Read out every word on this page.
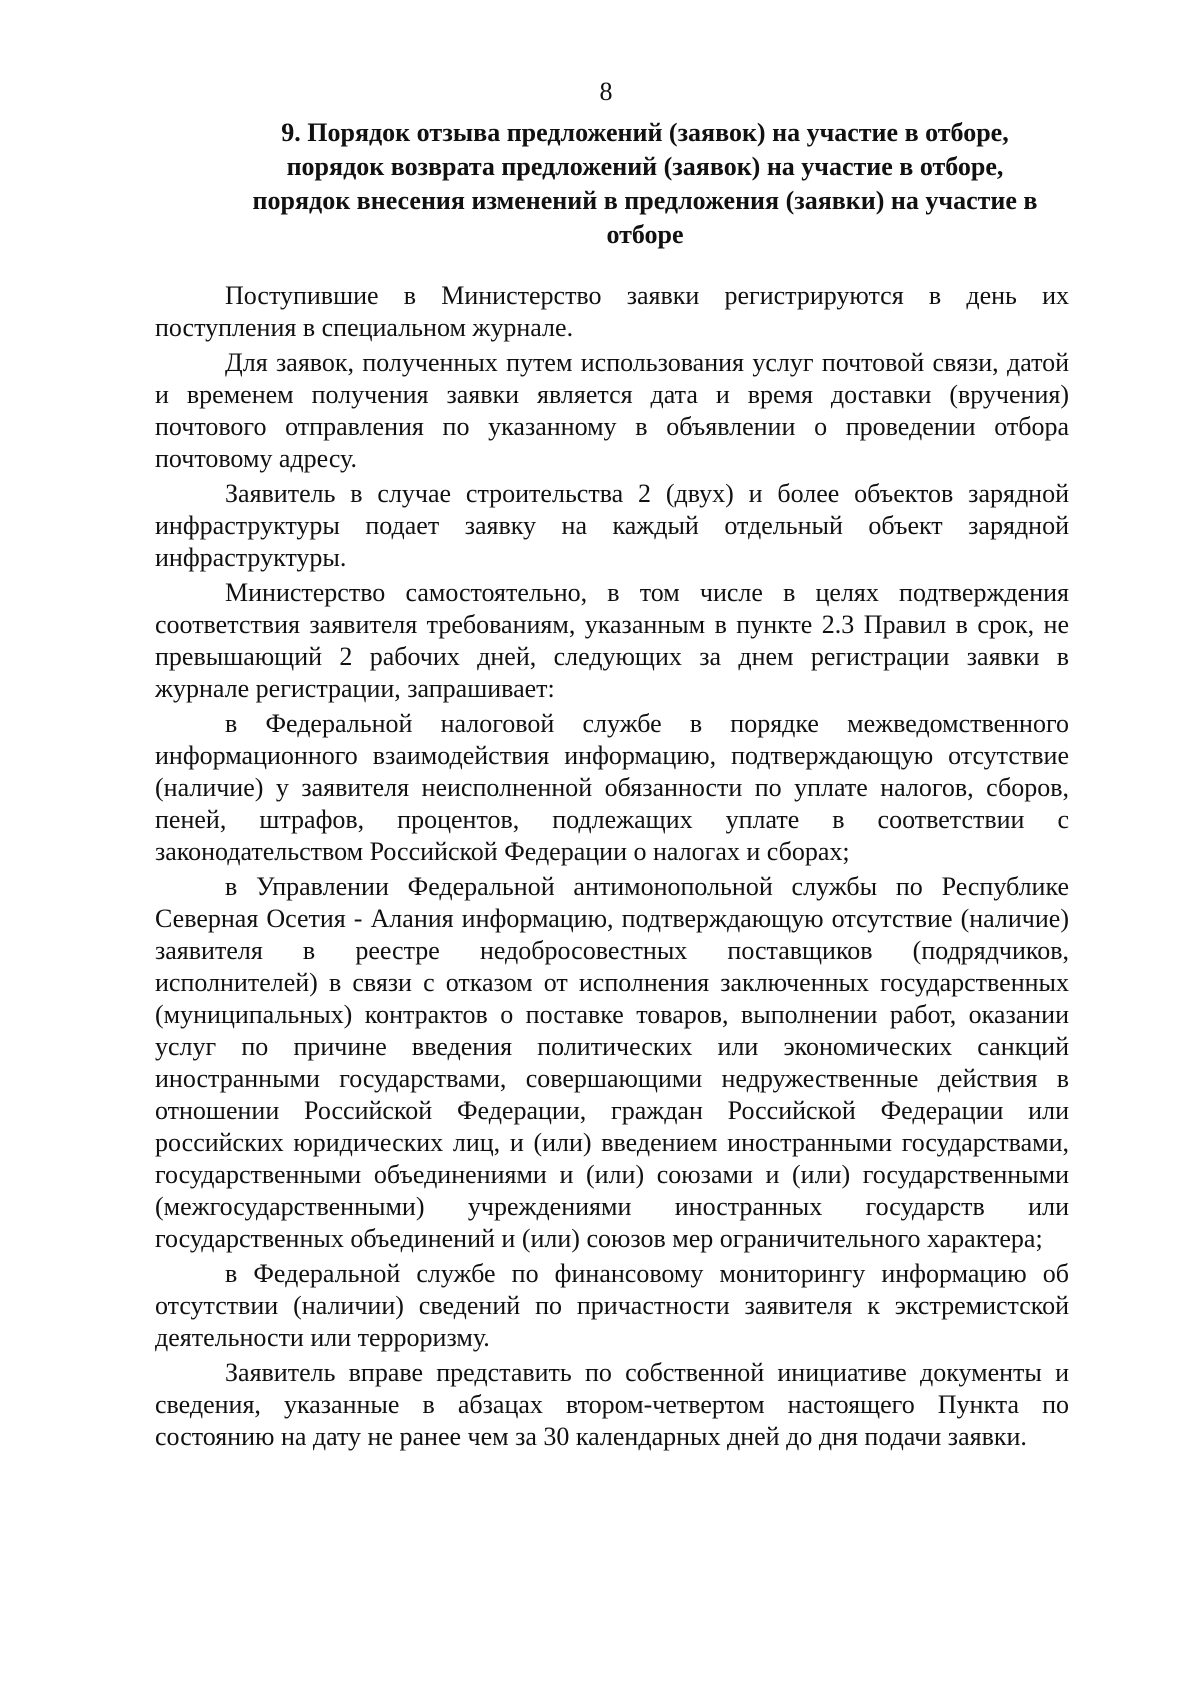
8
9. Порядок отзыва предложений (заявок) на участие в отборе, порядок возврата предложений (заявок) на участие в отборе, порядок внесения изменений в предложения (заявки) на участие в отборе

Поступившие в Министерство заявки регистрируются в день их поступления в специальном журнале.

Для заявок, полученных путем использования услуг почтовой связи, датой и временем получения заявки является дата и время доставки (вручения) почтового отправления по указанному в объявлении о проведении отбора почтовому адресу.

Заявитель в случае строительства 2 (двух) и более объектов зарядной инфраструктуры подает заявку на каждый отдельный объект зарядной инфраструктуры.

Министерство самостоятельно, в том числе в целях подтверждения соответствия заявителя требованиям, указанным в пункте 2.3 Правил в срок, не превышающий 2 рабочих дней, следующих за днем регистрации заявки в журнале регистрации, запрашивает:

в Федеральной налоговой службе в порядке межведомственного информационного взаимодействия информацию, подтверждающую отсутствие (наличие) у заявителя неисполненной обязанности по уплате налогов, сборов, пеней, штрафов, процентов, подлежащих уплате в соответствии с законодательством Российской Федерации о налогах и сборах;

в Управлении Федеральной антимонопольной службы по Республике Северная Осетия - Алания информацию, подтверждающую отсутствие (наличие) заявителя в реестре недобросовестных поставщиков (подрядчиков, исполнителей) в связи с отказом от исполнения заключенных государственных (муниципальных) контрактов о поставке товаров, выполнении работ, оказании услуг по причине введения политических или экономических санкций иностранными государствами, совершающими недружественные действия в отношении Российской Федерации, граждан Российской Федерации или российских юридических лиц, и (или) введением иностранными государствами, государственными объединениями и (или) союзами и (или) государственными (межгосударственными) учреждениями иностранных государств или государственных объединений и (или) союзов мер ограничительного характера;

в Федеральной службе по финансовому мониторингу информацию об отсутствии (наличии) сведений по причастности заявителя к экстремистской деятельности или терроризму.

Заявитель вправе представить по собственной инициативе документы и сведения, указанные в абзацах втором-четвертом настоящего Пункта по состоянию на дату не ранее чем за 30 календарных дней до дня подачи заявки.
